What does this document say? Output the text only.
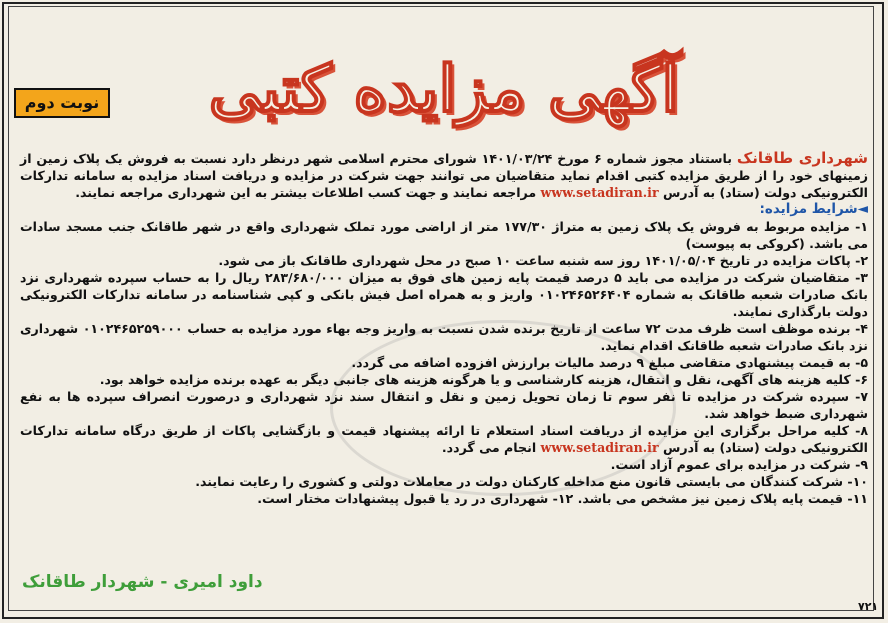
آگهی مزایده کتبی
نوبت دوم

شهرداری طاقانک باستناد مجوز شماره ۶ مورخ ۱۴۰۱/۰۳/۲۴ شورای محترم اسلامی شهر درنظر دارد نسبت به فروش یک پلاک زمین از زمینهای خود را از طریق مزایده کتبی اقدام نماید متقاضیان می توانند جهت شرکت در مزایده و دریافت اسناد مزایده به سامانه تدارکات الکترونیکی دولت (ستاد) به آدرس www.setadiran.ir مراجعه نمایند و جهت کسب اطلاعات بیشتر به این شهرداری مراجعه نمایند.

◄شرایط مزایده:

۱- مزایده مربوط به فروش یک پلاک زمین به متراژ ۱۷۷/۳۰ متر از اراضی مورد تملک شهرداری واقع در شهر طاقانک جنب مسجد سادات می باشد. (کروکی به پیوست)

۲- پاکات مزایده در تاریخ ۱۴۰۱/۰۵/۰۴ روز سه شنبه ساعت ۱۰ صبح در محل شهرداری طاقانک باز می شود.

۳- متقاضیان شرکت در مزایده می باید ۵ درصد قیمت پایه زمین های فوق به میزان ۲۸۳/۶۸۰/۰۰۰ ریال را به حساب سپرده شهرداری نزد بانک صادرات شعبه طاقانک به شماره ۰۱۰۲۴۶۵۲۶۴۰۴ واریز و به همراه اصل فیش بانکی و کپی شناسنامه در سامانه تدارکات الکترونیکی دولت بارگذاری نمایند.

۴- برنده موظف است ظرف مدت ۷۲ ساعت از تاریخ برنده شدن نسبت به واریز وجه بهاء مورد مزایده به حساب ۰۱۰۲۴۶۵۲۵۹۰۰۰ شهرداری نزد بانک صادرات شعبه طاقانک اقدام نماید.

۵- به قیمت پیشنهادی متقاضی مبلغ ۹ درصد مالیات برارزش افزوده اضافه می گردد.

۶- کلیه هزینه های آگهی، نقل و انتقال، هزینه کارشناسی و یا هرگونه هزینه های جانبی دیگر به عهده برنده مزایده خواهد بود.

۷- سپرده شرکت در مزایده تا نفر سوم تا زمان تحویل زمین و نقل و انتقال سند نزد شهرداری و درصورت انصراف سپرده ها به نفع شهرداری ضبط خواهد شد.

۸- کلیه مراحل برگزاری این مزایده از دریافت اسناد استعلام تا ارائه پیشنهاد قیمت و بازگشایی پاکات از طریق درگاه سامانه تدارکات الکترونیکی دولت (ستاد) به آدرس www.setadiran.ir انجام می گردد.

۹- شرکت در مزایده برای عموم آزاد است.

۱۰- شرکت کنندگان می بایستی قانون منع مداخله کارکنان دولت در معاملات دولتی و کشوری را رعایت نمایند.

۱۱- قیمت پایه پلاک زمین نیز مشخص می باشد. ۱۲- شهرداری در رد یا قبول پیشنهادات مختار است.

داود امیری - شهردار طاقانک
۷۲۱
